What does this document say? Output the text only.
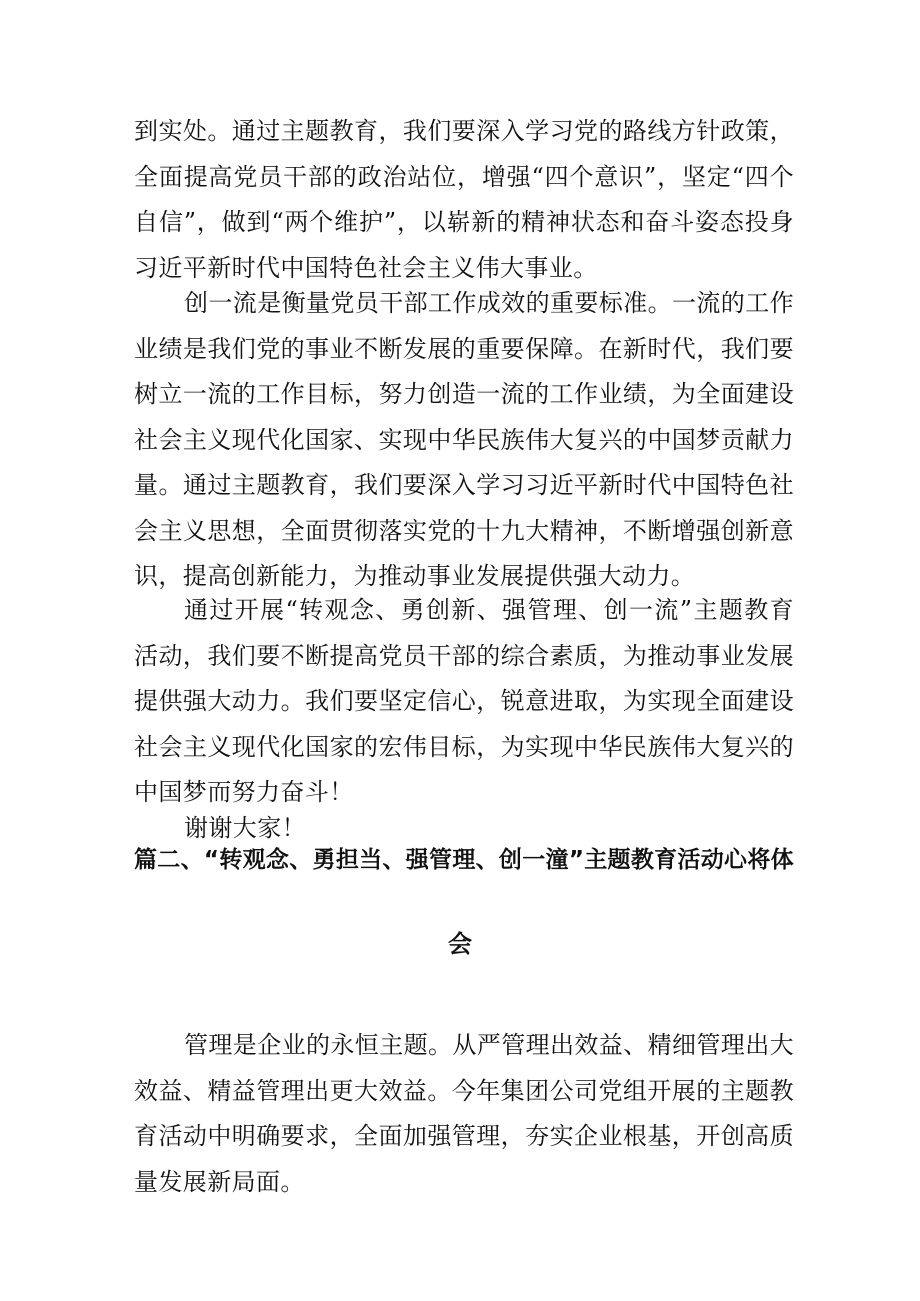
到实处。通过主题教育，我们要深入学习党的路线方针政策，全面提高党员干部的政治站位，增强“四个意识”，坚定“四个自信”，做到“两个维护”，以崭新的精神状态和奋斗姿态投身习近平新时代中国特色社会主义伟大事业。

创一流是衡量党员干部工作成效的重要标准。一流的工作业绩是我们党的事业不断发展的重要保障。在新时代，我们要树立一流的工作目标，努力创造一流的工作业绩，为全面建设社会主义现代化国家、实现中华民族伟大复兴的中国梦贡献力量。通过主题教育，我们要深入学习习近平新时代中国特色社会主义思想，全面贯彻落实党的十九大精神，不断增强创新意识，提高创新能力，为推动事业发展提供强大动力。

通过开展“转观念、勇创新、强管理、创一流”主题教育活动，我们要不断提高党员干部的综合素质，为推动事业发展提供强大动力。我们要坚定信心，锐意进取，为实现全面建设社会主义现代化国家的宏伟目标，为实现中华民族伟大复兴的中国梦而努力奋斗！

谢谢大家！

篇二、“转观念、勇担当、强管理、创一潼”主题教育活动心将体
会

管理是企业的永恒主题。从严管理出效益、精细管理出大效益、精益管理出更大效益。今年集团公司党组开展的主题教育活动中明确要求，全面加强管理，夯实企业根基，开创高质量发展新局面。
